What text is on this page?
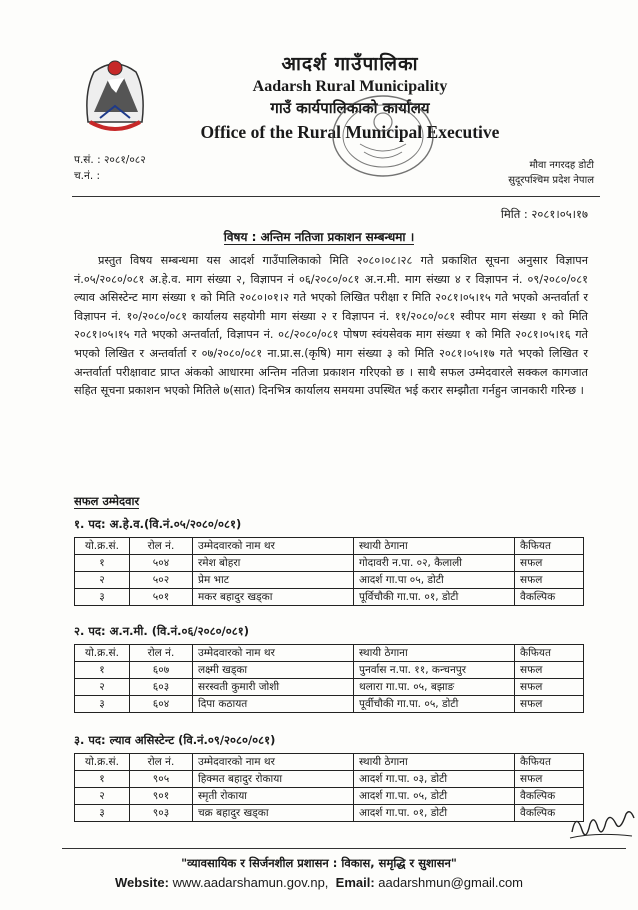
आदर्श गाउँपालिका
Aadarsh Rural Municipality
गाउँ कार्यपालिकाको कार्यालय
Office of the Rural Municipal Executive
प.सं. : २०८१/०८२
च.नं. :
मौवा नगरदह डोटी
सुदूरपश्चिम प्रदेश नेपाल
मिति : २०८१।०५।१७
विषय : अन्तिम नतिजा प्रकाशन सम्बन्धमा ।
प्रस्तुत विषय सम्बन्धमा यस आदर्श गाउँपालिकाको मिति २०८०।०८।२८ गते प्रकाशित सूचना अनुसार विज्ञापन नं.०५/२०८०/०८१ अ.हे.व. माग संख्या २, विज्ञापन नं ०६/२०८०/०८१ अ.न.मी. माग संख्या ४ र विज्ञापन नं. ०९/२०८०/०८१ ल्याव असिस्टेन्ट माग संख्या १ को मिति २०८०।०१।२ गते भएको लिखित परीक्षा र मिति २०८१।०५।१५ गते भएको अन्तर्वार्ता र विज्ञापन नं. १०/२०८०/०८१ कार्यालय सहयोगी माग संख्या २ र विज्ञापन नं. ११/२०८०/०८१ स्वीपर माग संख्या १ को मिति २०८१।०५।१५ गते भएको अन्तर्वार्ता, विज्ञापन नं. ०८/२०८०/०८१ पोषण स्वंयसेवक माग संख्या १ को मिति २०८१।०५।१६ गते भएको लिखित र अन्तर्वार्ता र ०७/२०८०/०८१ ना.प्रा.स.(कृषि) माग संख्या ३ को मिति २०८१।०५।१७ गते भएको लिखित र अन्तर्वार्ता परीक्षावाट प्राप्त अंकको आधारमा अन्तिम नतिजा प्रकाशन गरिएको छ । साथै सफल उम्मेदवारले सक्कल कागजात सहित सूचना प्रकाशन भएको मितिले ७(सात) दिनभित्र कार्यालय समयमा उपस्थित भई करार सम्झौता गर्नहुन जानकारी गरिन्छ ।
सफल उम्मेदवार
१. पद: अ.हे.व.(वि.नं.०५/२०८०/०८१)
यो.क्र.सं.	रोल नं.	उम्मेदवारको नाम थर	स्थायी ठेगाना	कैफियत
१	५०४	रमेश बोहरा	गोदावरी न.पा. ०२, कैलाली	सफल
२	५०२	प्रेम भाट	आदर्श गा.पा ०५, डोटी	सफल
३	५०१	मकर बहादुर खड्का	पूर्विचौकी गा.पा. ०१, डोटी	वैकल्पिक
२. पद: अ.न.मी. (वि.नं.०६/२०८०/०८१)
यो.क्र.सं.	रोल नं.	उम्मेदवारको नाम थर	स्थायी ठेगाना	कैफियत
१	६०७	लक्ष्मी खड्का	पुनर्वास न.पा. ११, कन्चनपुर	सफल
२	६०३	सरस्वती कुमारी जोशी	थलारा गा.पा. ०५, बझाङ	सफल
३	६०४	दिपा कठायत	पूर्वीचौकी गा.पा. ०५, डोटी	सफल
३. पद: ल्याव असिस्टेन्ट (वि.नं.०९/२०८०/०८१)
यो.क्र.सं.	रोल नं.	उम्मेदवारको नाम थर	स्थायी ठेगाना	कैफियत
१	९०५	हिक्मत बहादुर रोकाया	आदर्श गा.पा. ०३, डोटी	सफल
२	९०१	स्मृती रोकाया	आदर्श गा.पा. ०५, डोटी	वैकल्पिक
३	९०३	चक्र बहादुर खड्का	आदर्श गा.पा. ०१, डोटी	वैकल्पिक
"व्यावसायिक र सिर्जनशील प्रशासन : विकास, समृद्धि र सुशासन"
Website: www.aadarshamun.gov.np, Email: aadarshmun@gmail.com
